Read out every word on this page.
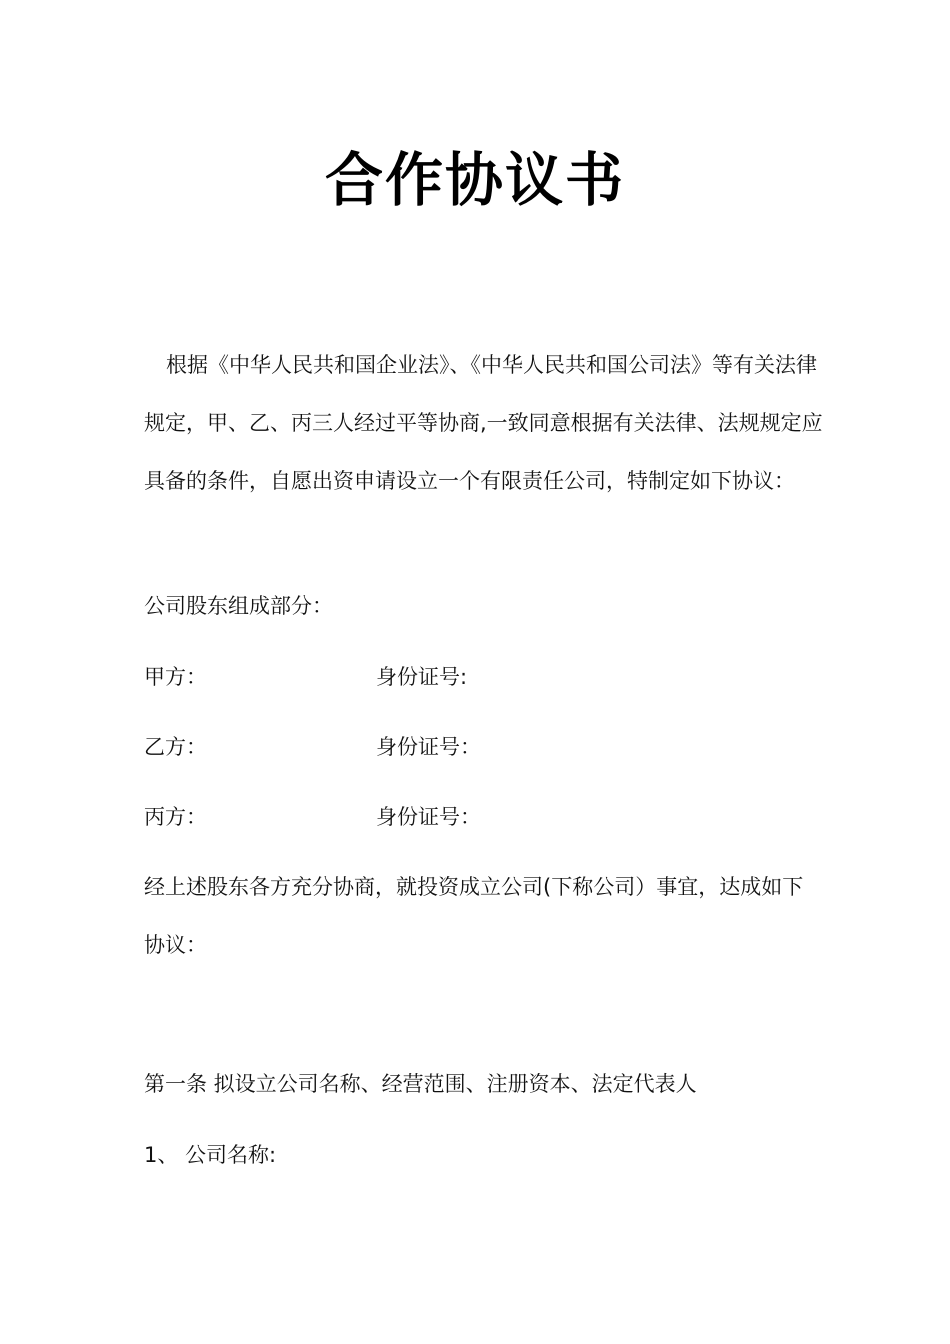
合作协议书

根据《中华人民共和国企业法》、《中华人民共和国公司法》等有关法律规定，甲、乙、丙三人经过平等协商,一致同意根据有关法律、法规规定应具备的条件，自愿出资申请设立一个有限责任公司，特制定如下协议：

公司股东组成部分：
甲方：	身份证号:
乙方：	身份证号：
丙方：	身份证号：

经上述股东各方充分协商，就投资成立公司(下称公司）事宜，达成如下协议：

第一条 拟设立公司名称、经营范围、注册资本、法定代表人
1、 公司名称:
